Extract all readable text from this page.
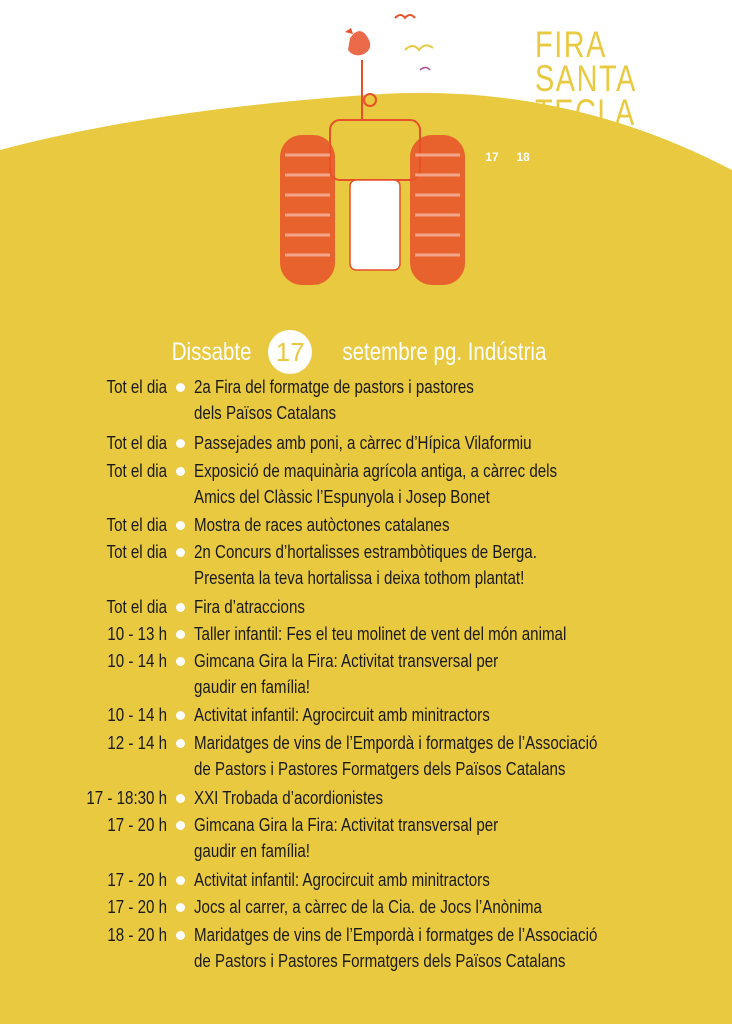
FIRA
SANTA
TECLA
17 i 18 SETEMBRE
BERGA
2022
Dissabte 17	setembre pg. Indústria
Tot el dia 2a Fira del formatge de pastors i pastores
dels Països Catalans
Tot el dia Passejades amb poni, a càrrec d’Hípica Vilaformiu
Tot el dia Exposició de maquinària agrícola antiga, a càrrec dels
Amics del Clàssic l’Espunyola i Josep Bonet
Tot el dia Mostra de races autòctones catalanes
Tot el dia 2n Concurs d’hortalisses estrambòtiques de Berga.
Presenta la teva hortalissa i deixa tothom plantat!
Tot el dia Fira d’atraccions
10 - 13 h Taller infantil: Fes el teu molinet de vent del món animal
10 - 14 h Gimcana Gira la Fira: Activitat transversal per
gaudir en família!
10 - 14 h Activitat infantil: Agrocircuit amb minitractors
12 - 14 h Maridatges de vins de l’Empordà i formatges de l’Associació
de Pastors i Pastores Formatgers dels Països Catalans
17 - 18:30 h XXI Trobada d’acordionistes
17 - 20 h Gimcana Gira la Fira: Activitat transversal per
gaudir en família!
17 - 20 h Activitat infantil: Agrocircuit amb minitractors
17 - 20 h Jocs al carrer, a càrrec de la Cia. de Jocs l’Anònima
18 - 20 h Maridatges de vins de l’Empordà i formatges de l’Associació
de Pastors i Pastores Formatgers dels Països Catalans
